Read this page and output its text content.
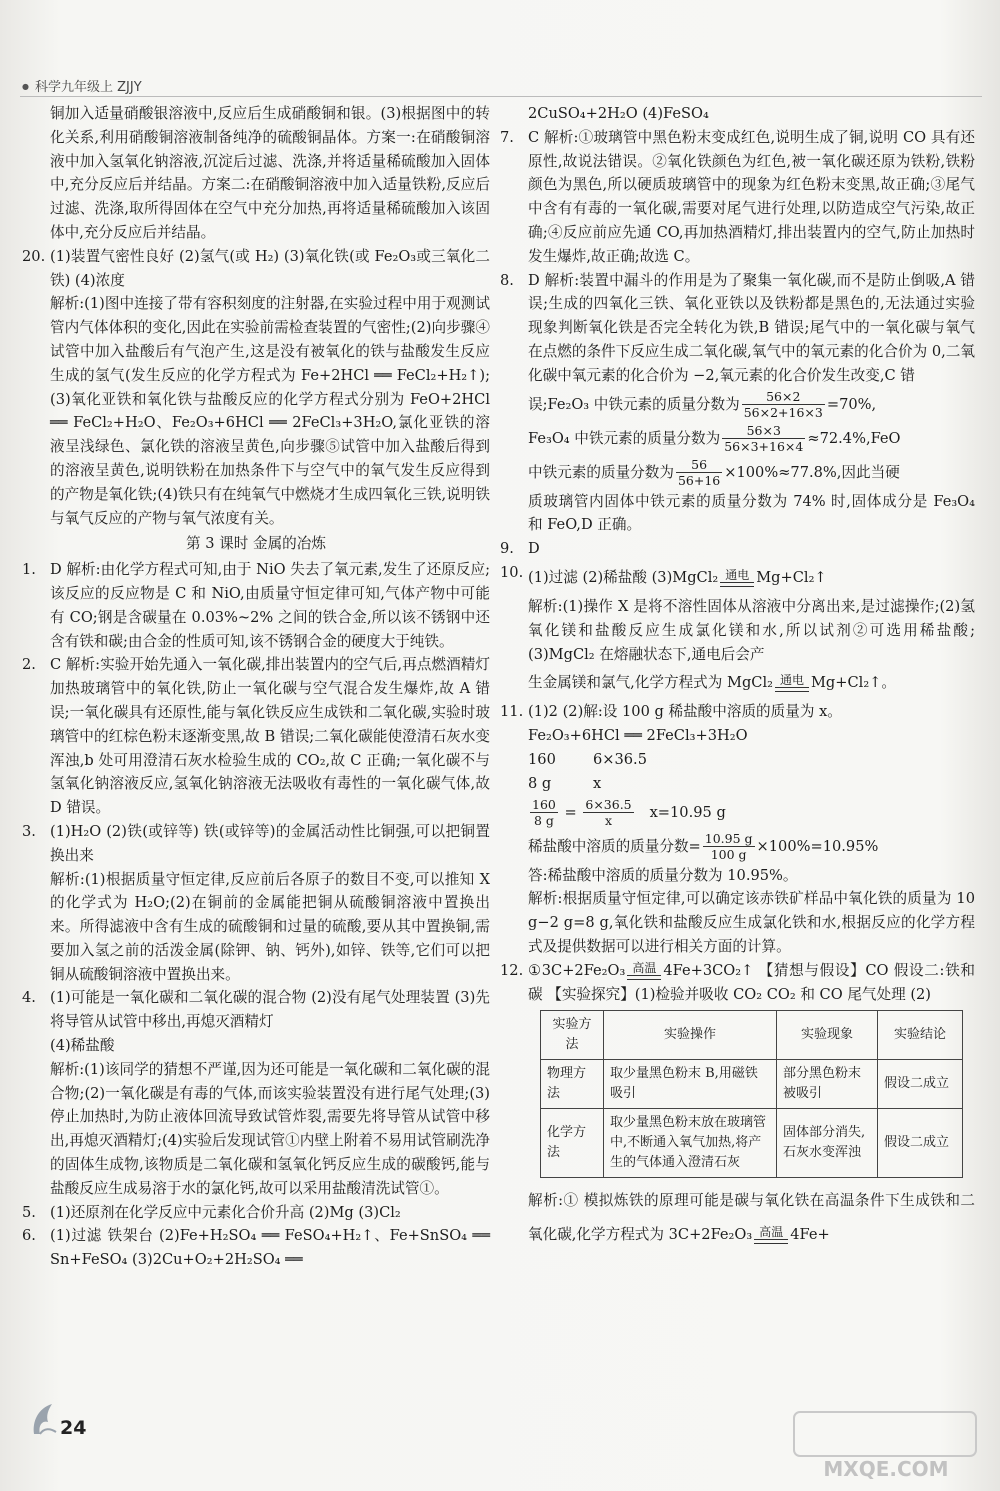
● 科学九年级上 ZJJY

铜加入适量硝酸银溶液中,反应后生成硝酸铜和银。(3)根据图中的转化关系,利用硝酸铜溶液制备纯净的硫酸铜晶体。方案一:在硝酸铜溶液中加入氢氧化钠溶液,沉淀后过滤、洗涤,并将适量稀硫酸加入固体中,充分反应后并结晶。方案二:在硝酸铜溶液中加入适量铁粉,反应后过滤、洗涤,取所得固体在空气中充分加热,再将适量稀硫酸加入该固体中,充分反应后并结晶。

20. (1)装置气密性良好 (2)氢气(或 H₂) (3)氧化铁(或 Fe₂O₃或三氧化二铁) (4)浓度

解析:(1)图中连接了带有容积刻度的注射器,在实验过程中用于观测试管内气体体积的变化,因此在实验前需检查装置的气密性;(2)向步骤④试管中加入盐酸后有气泡产生,这是没有被氧化的铁与盐酸发生反应生成的氢气(发生反应的化学方程式为 Fe+2HCl ══ FeCl₂+H₂↑);(3)氧化亚铁和氧化铁与盐酸反应的化学方程式分别为 FeO+2HCl ══ FeCl₂+H₂O、Fe₂O₃+6HCl ══ 2FeCl₃+3H₂O,氯化亚铁的溶液呈浅绿色、氯化铁的溶液呈黄色,向步骤⑤试管中加入盐酸后得到的溶液呈黄色,说明铁粉在加热条件下与空气中的氧气发生反应得到的产物是氧化铁;(4)铁只有在纯氧气中燃烧才生成四氧化三铁,说明铁与氧气反应的产物与氧气浓度有关。

第 3 课时 金属的冶炼

1. D 解析:由化学方程式可知,由于 NiO 失去了氧元素,发生了还原反应;该反应的反应物是 C 和 NiO,由质量守恒定律可知,气体产物中可能有 CO;钢是含碳量在 0.03%~2% 之间的铁合金,所以该不锈钢中还含有铁和碳;由合金的性质可知,该不锈钢合金的硬度大于纯铁。

2. C 解析:实验开始先通入一氧化碳,排出装置内的空气后,再点燃酒精灯加热玻璃管中的氧化铁,防止一氧化碳与空气混合发生爆炸,故 A 错误;一氧化碳具有还原性,能与氧化铁反应生成铁和二氧化碳,实验时玻璃管中的红棕色粉末逐渐变黑,故 B 错误;二氧化碳能使澄清石灰水变浑浊,b 处可用澄清石灰水检验生成的 CO₂,故 C 正确;一氧化碳不与氢氧化钠溶液反应,氢氧化钠溶液无法吸收有毒性的一氧化碳气体,故 D 错误。

3. (1)H₂O (2)铁(或锌等) 铁(或锌等)的金属活动性比铜强,可以把铜置换出来

解析:(1)根据质量守恒定律,反应前后各原子的数目不变,可以推知 X 的化学式为 H₂O;(2)在铜前的金属能把铜从硫酸铜溶液中置换出来。所得滤液中含有生成的硫酸铜和过量的硫酸,要从其中置换铜,需要加入氢之前的活泼金属(除钾、钠、钙外),如锌、铁等,它们可以把铜从硫酸铜溶液中置换出来。

4. (1)可能是一氧化碳和二氧化碳的混合物 (2)没有尾气处理装置 (3)先将导管从试管中移出,再熄灭酒精灯

(4)稀盐酸

解析:(1)该同学的猜想不严谨,因为还可能是一氧化碳和二氧化碳的混合物;(2)一氧化碳是有毒的气体,而该实验装置没有进行尾气处理;(3)停止加热时,为防止液体回流导致试管炸裂,需要先将导管从试管中移出,再熄灭酒精灯;(4)实验后发现试管①内壁上附着不易用试管刷洗净的固体生成物,该物质是二氧化碳和氢氧化钙反应生成的碳酸钙,能与盐酸反应生成易溶于水的氯化钙,故可以采用盐酸清洗试管①。

5. (1)还原剂在化学反应中元素化合价升高 (2)Mg (3)Cl₂

6. (1)过滤 铁架台 (2)Fe+H₂SO₄ ══ FeSO₄+H₂↑、Fe+SnSO₄ ══ Sn+FeSO₄ (3)2Cu+O₂+2H₂SO₄ ══

2CuSO₄+2H₂O (4)FeSO₄

7. C 解析:①玻璃管中黑色粉末变成红色,说明生成了铜,说明 CO 具有还原性,故说法错误。②氧化铁颜色为红色,被一氧化碳还原为铁粉,铁粉颜色为黑色,所以硬质玻璃管中的现象为红色粉末变黑,故正确;③尾气中含有有毒的一氧化碳,需要对尾气进行处理,以防造成空气污染,故正确;④反应前应先通 CO,再加热酒精灯,排出装置内的空气,防止加热时发生爆炸,故正确;故选 C。

8. D 解析:装置中漏斗的作用是为了聚集一氧化碳,而不是防止倒吸,A 错误;生成的四氧化三铁、氧化亚铁以及铁粉都是黑色的,无法通过实验现象判断氧化铁是否完全转化为铁,B 错误;尾气中的一氧化碳与氧气在点燃的条件下反应生成二氧化碳,氧气中的氧元素的化合价为 0,二氧化碳中氧元素的化合价为 −2,氧元素的化合价发生改变,C 错

误;Fe₂O₃ 中铁元素的质量分数为 $\frac{56\times 2}{56\times 2+16\times 3} =70\%$,

Fe₃O₄ 中铁元素的质量分数为 $\frac{56\times 3}{56\times 3+16\times 4} \approx 72.4\%,FeO$

中铁元素的质量分数为 $\frac{56}{56+16} \times 100\%\approx 77.8\%$,因此当硬

质玻璃管内固体中铁元素的质量分数为 74% 时,固体成分是 Fe₃O₄ 和 FeO,D 正确。

9. D

10. (1)过滤 (2)稀盐酸 (3)MgCl₂ 通电 Mg+Cl₂↑

解析:(1)操作 X 是将不溶性固体从溶液中分离出来,是过滤操作;(2)氢氧化镁和盐酸反应生成氯化镁和水,所以试剂②可选用稀盐酸;(3)MgCl₂ 在熔融状态下,通电后会产

生金属镁和氯气,化学方程式为 MgCl₂ 通电 Mg+Cl₂↑。

11. (1)2 (2)解:设 100 g 稀盐酸中溶质的质量为 x。

Fe₂O₃+6HCl ══ 2FeCl₃+3H₂O

160        6×36.5

8 g         x

$\frac{160}{8 g} = \frac{6\times 36.5}{x} x=10.95$ g

稀盐酸中溶质的质量分数= $\frac{10.95 g}{100 g} \times 100\%=10.95\%$

答:稀盐酸中溶质的质量分数为 10.95%。

解析:根据质量守恒定律,可以确定该赤铁矿样品中氧化铁的质量为 10 g−2 g=8 g,氧化铁和盐酸反应生成氯化铁和水,根据反应的化学方程式及提供数据可以进行相关方面的计算。

12. ①3C+2Fe₂O₃ 高温 4Fe+3CO₂↑ 【猜想与假设】CO 假设二:铁和碳 【实验探究】(1)检验并吸收 CO₂ CO₂ 和 CO 尾气处理 (2)

实验方法	实验操作	实验现象	实验结论
物理方法	取少量黑色粉末 B,用磁铁吸引	部分黑色粉末被吸引	假设二成立
化学方法	取少量黑色粉末放在玻璃管中,不断通入氧气加热,将产生的气体通入澄清石灰	固体部分消失,石灰水变浑浊	假设二成立

解析:① 模拟炼铁的原理可能是碳与氧化铁在高温条件下生成铁和二氧化碳,化学方程式为 3C+2Fe₂O₃ 高温 4Fe+

24
MXQE.COM
